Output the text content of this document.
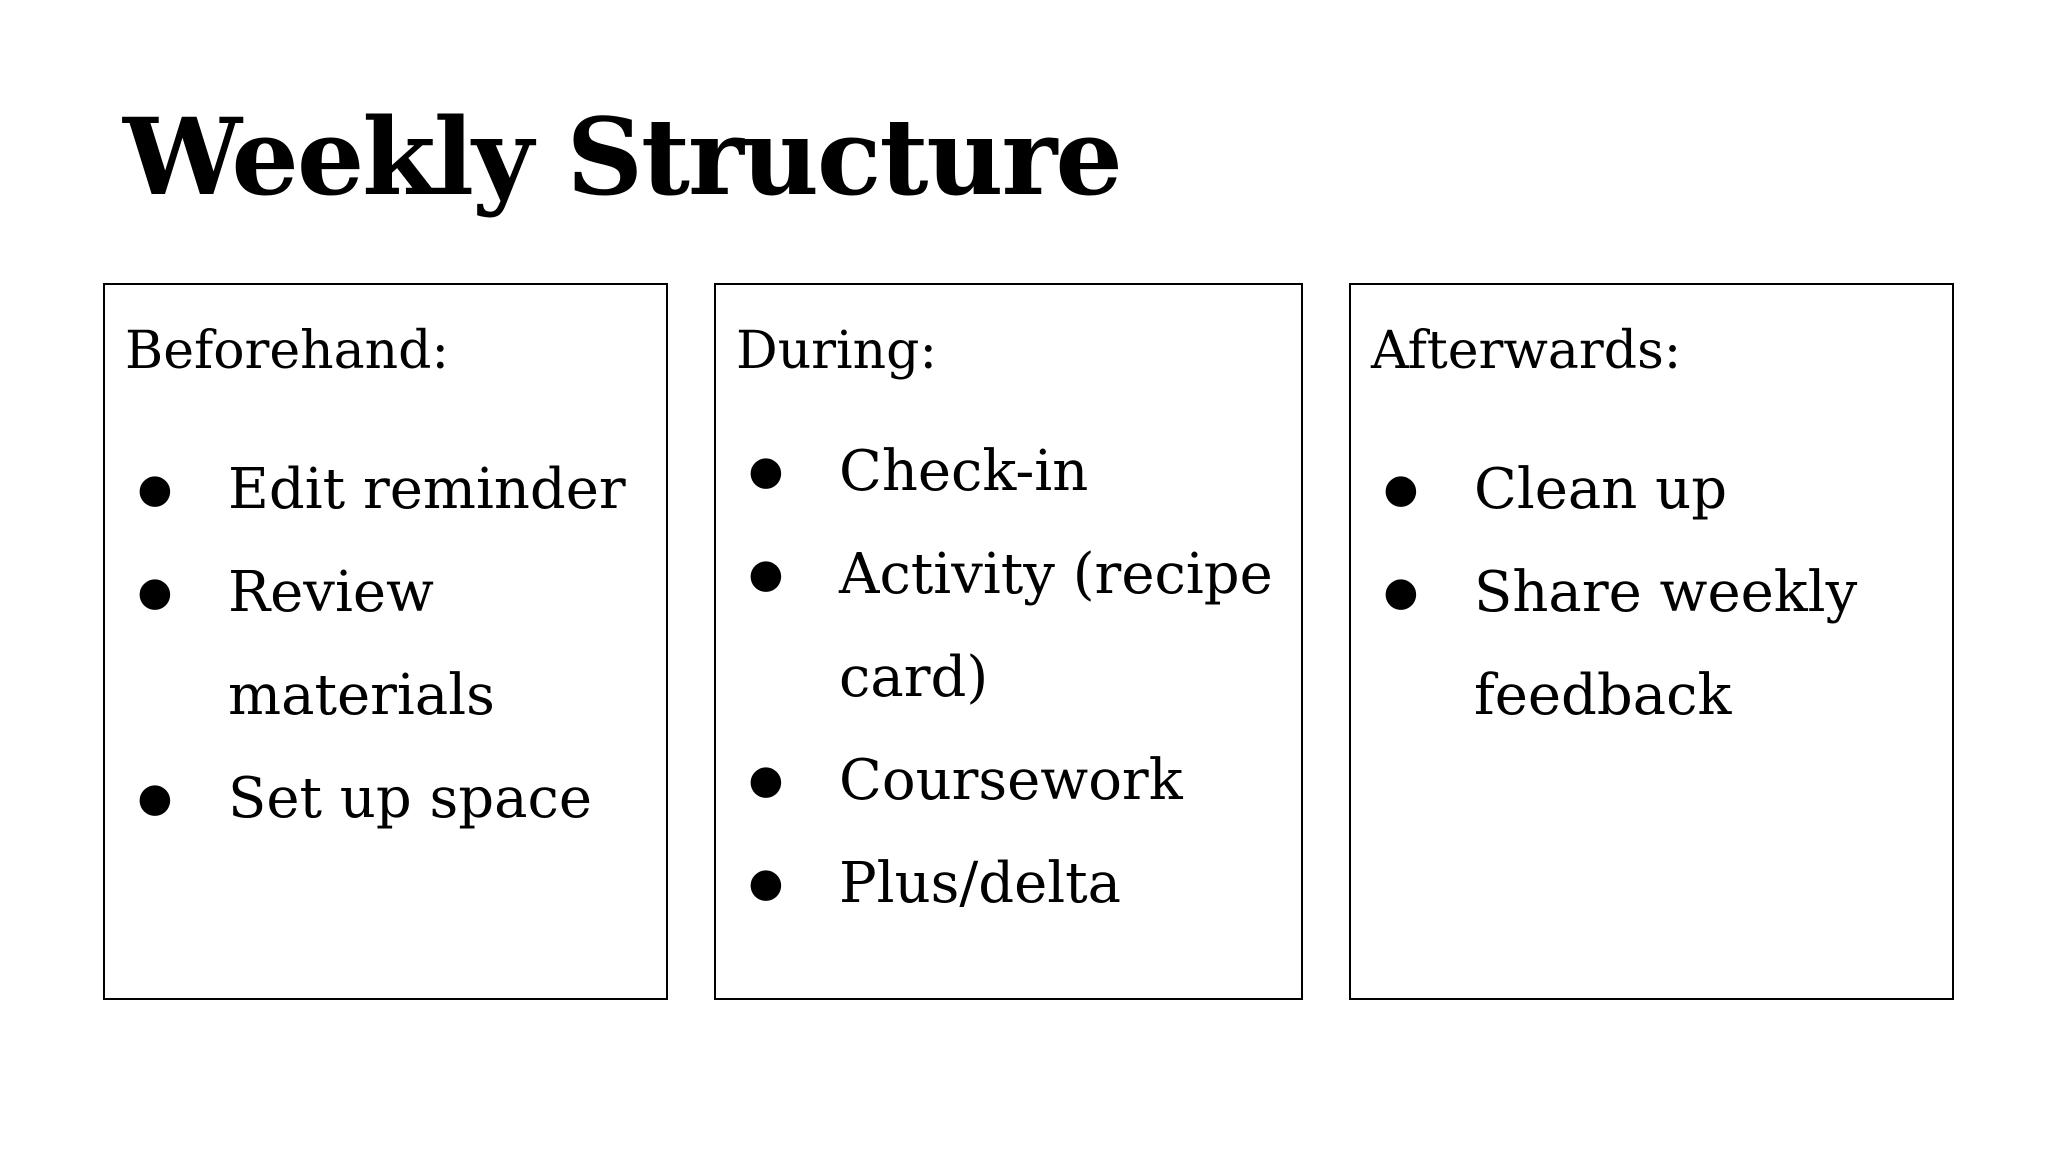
Weekly Structure
Beforehand:
● Edit reminder
● Review materials
● Set up space
During:
● Check-in
● Activity (recipe card)
● Coursework
● Plus/delta
Afterwards:
● Clean up
● Share weekly feedback
